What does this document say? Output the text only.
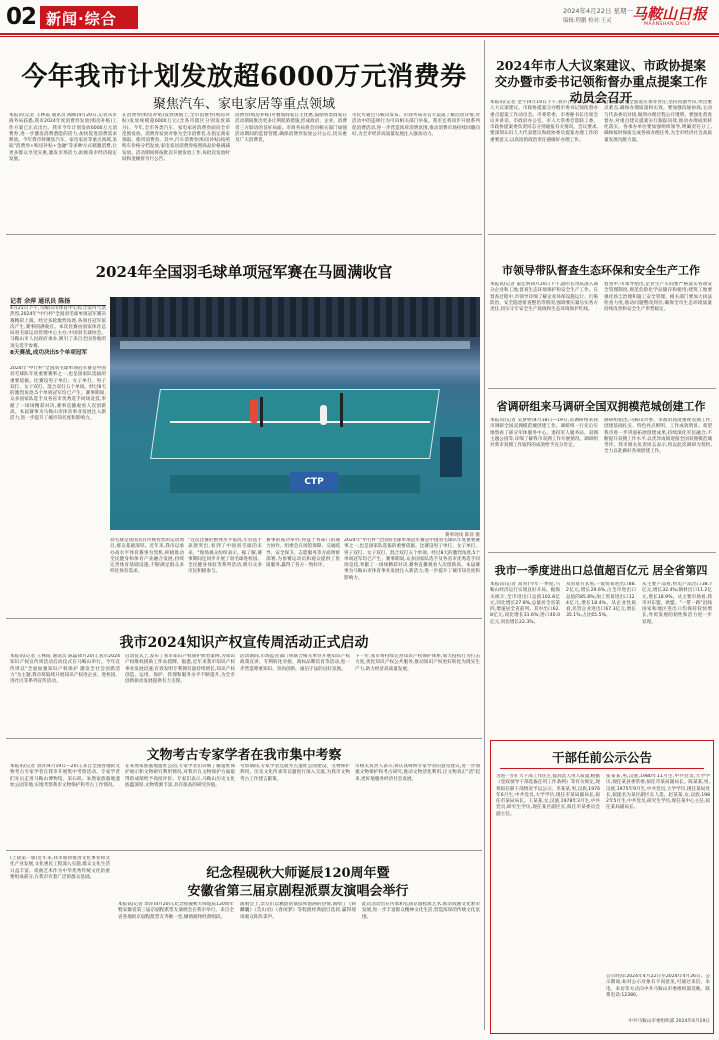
02 新闻·综合	2024年4月22日 星期一
编辑:程鹏 校对:王灵 马鞍山日报
MAANSHAN DAILY
今年我市计划发放超6000万元消费券
聚焦汽车、家电家居等重点领域
本报讯(记者 王林霞 通讯员 陶晖)4月20日,记者从市商务局获悉,我市2024年度消费券发放(购房补贴)工作方案已正式出台。我市今年计划发放6000万元消费券,进一步激发消费潜能的活力,加快促进消费需求释放。今年我市将聚焦汽车、家电家居等重点领域,采取"消费券+购房补贴+金融"等多种方式刺激消费,让更多群众享受实惠,激发市场活力,助推我市经济稳定发展。
在消费券(购房补贴)发放规模上,全市消费券(购房补贴)发放规模超6000万元(含各市辖区分别发放部分)。今年,全市各类汽车、家电家居消费券面向全市范围发放。消费券发放对象为全市消费者,在指定商家领取、使用消费券。其中,汽车消费券(购房补贴)按照购车价格分档发放,家电家居消费券按照商品价格满减发放。活动期间将按批次开展发放工作,每批次发放时间和金额将另行公告。
消费券(购房补贴)可叠加商家自主优惠,鼓励各类商家在活动期间推出更多让利促销措施,形成政府、企业、消费者三方联动的良好局面。市商务局将会同相关部门加强活动期间的监督管理,确保消费券发放公开公正,切实惠及广大消费者。
市民可通过马鞍山发布、市商务局等官方渠道了解活动详情,对活动中的违规行为可向相关部门举报。我市还将同步开展系列促消费活动,进一步营造浓厚消费氛围,推动消费市场持续回暖向好,为全市经济高质量发展注入强劲动力。
2024年市人大议案建议、市政协提案交办暨市委书记领衔督办重点提案工作动员会召开
本报讯(记者 金宇)4月19日下午,我市召开2024年市人大议案建议、市政协提案交办暨市委书记领衔督办重点提案工作动员会。市委常委、市委秘书长出席会议并讲话。市政府办公室、市人大常委会选联工委、市政协提案委负责同志分别通报有关情况。会议要求,要深刻认识人大代表建议和政协委员提案办理工作的重要意义,以高度的政治责任感做好办理工作。
会议强调,要全面落实承办责任,坚持问题导向,突出重点难点,确保办理质量和实效。要加强沟通协商,主动与代表委员对接,做到办理过程公开透明。要强化督查督办,对重点建议提案实行跟踪问效,推动办理成果转化落实。各承办单位要加强组织领导,明确责任分工,确保按时保质完成各项办理任务,为全市经济社会高质量发展贡献力量。
2024年全国羽毛球单项冠军赛在马圆满收官
记者 余萍 通讯员 陈扬
4月21日下午,马鞍山市体育中心综合馆内气氛热烈,2024年"中行杯"全国羽毛球单项冠军赛决赛精彩上演。经过多轮激烈角逐,各项目冠军依次产生,赛事圆满收官。本次比赛由国家体育总局羽毛球运动管理中心主办,中国羽毛球协会、马鞍山市人民政府承办,吸引了来自全国各地的顶尖选手参赛。
8天赛战,成功决出5个单项冠军
2024年"中行杯"全国羽毛球单项冠军赛是中国羽毛球队年度重要赛事之一,也是国家队选拔的重要依据。比赛设男子单打、女子单打、男子双打、女子双打、混合双打五个单项。经过8天的激烈角逐,5个单项冠军均已产生。赛事期间,众多国家队选手及各省市优秀选手同场竞技,奉献了一场场精彩对决,赛事直播观看人次创新高。本届赛事为马鞍山市体育事业发展注入新活力,进一步提升了城市知名度和影响力。
CTP
赛事现场 陈扬 摄
羽毛球是我国具有传统优势的运动项目,群众基础深厚。近年来,我市以承办高水平体育赛事为契机,积极推动全民健身和体育产业融合发展,持续完善体育基础设施,不断满足群众多样化体育需求。
"这次比赛的整体水平很高,年轻选手表现突出,看到了中国羽毛球的未来。"现场观众纷纷表示。据了解,赛事期间还同步开展了羽毛球进校园、全民健身体验等系列活动,吸引众多市民积极参与。
赛事的成功举办,得益于各部门的通力协作。组委会在场馆保障、交通疏导、安全保卫、志愿服务等方面周密部署,为参赛运动员和观众提供了优质服务,赢得了各方一致好评。
2024年"中行杯"全国羽毛球单项冠军赛是中国羽毛球队年度重要赛事之一,也是国家队选拔的重要依据。比赛设男子单打、女子单打、男子双打、女子双打、混合双打五个单项。经过8天的激烈角逐,5个单项冠军均已产生。赛事期间,众多国家队选手及各省市优秀选手同场竞技,奉献了一场场精彩对决,赛事直播观看人次创新高。本届赛事为马鞍山市体育事业发展注入新活力,进一步提升了城市知名度和影响力。
市领导带队督查生态环保和安全生产工作
本报讯(记者 董宏妍)4月20日下午,副市长带队深入部分企业和工地,督查生态环境保护和安全生产工作。在督查过程中,市领导详细了解企业环保设施运行、污染防治、安全隐患排查整治等情况,强调要压紧压实各方责任,切实守牢安全生产底线和生态环境保护红线。
督查中,市领导指出,企业生产车间要严格落实各项安全管理制度,规范危险化学品储存和使用;建筑工地要强化扬尘治理和施工安全管理。相关部门要加大执法检查力度,推动问题整改到位,确保全市生态环境质量持续改善和安全生产形势稳定。
省调研组来马调研全国双拥模范城创建工作
本报讯(记者 吴梦婷)4月18日—19日,省调研组来我市调研全国双拥模范城创建工作。调研组一行先后实地察看了部分军休服务中心、退役军人服务站、双拥主题公园等,详细了解我市双拥工作开展情况。调研组对我市双拥工作取得的成效给予充分肯定。
调研组指出,马鞍山市委、市政府高度重视双拥工作,创建基础扎实、特色亮点鲜明、工作成效明显。希望我市进一步巩固拓展创建成果,持续深化军民融合,不断提升双拥工作水平,以优异成绩迎接全国双拥模范城考评。我市相关负责同志表示,将以此次调研为契机,全力以赴做好各项创建工作。
我市一季度进出口总值超百亿元 居全省第四
本报讯(记者 高青)今年一季度,马鞍山经济运行实现良好开局。据海关统计,全市进出口总值102.8亿元,同比增长27.8%,总量居全省第四,增速居全省前列。其中出口62.8亿元,同比增长31.6%;进口40.0亿元,同比增长22.3%。
从贸易方式看,一般贸易进出口88.2亿元,增长29.6%,占全市进出口总值的85.8%;加工贸易进出口12.4亿元,增长18.4%。从企业性质看,民营企业进出口67.3亿元,增长35.1%,占比65.5%。
从主要产品看,机电产品出口38.7亿元,增长32.4%;钢材出口11.2亿元,增长18.9%。从主要市场看,我市对东盟、欧盟、"一带一路"沿线国家和地区进出口均保持较快增长,外贸发展的韧性和活力进一步显现。
我市2024知识产权宣传周活动正式启动
本报讯(记者 王林霞 通讯员 陈磊)4月20日,我市2024知识产权宣传周活动启动仪式在马鞍山举行。今年宣传周以"全面加强知识产权保护 激发全社会创新活力"为主题,我市将陆续开展知识产权进企业、进校园、进社区等系列宣传活动。
启动仪式上,发布了我市知识产权保护典型案例,为知识产权维权援助工作站授牌。据悉,近年来我市知识产权事业发展迅速,有效发明专利拥有量持续增长,知识产权创造、运用、保护、管理和服务水平不断提升,为全市创新驱动发展提供有力支撑。
活动期间,市场监管部门将联合相关单位开展知识产权政策宣讲、专利转化对接、商标品牌培育等活动,进一步营造尊重知识、崇尚创新、诚信守法的良好氛围。
下一步,我市将持续完善知识产权保护体系,加大侵权行为打击力度,优化知识产权公共服务,推动知识产权更好转化为现实生产力,助力经济高质量发展。
文物考古专家学者在我市集中考察
本报讯(记者 余萍)4月19日—20日,来自全国各地的文物考古专家学者在我市开展集中考察活动。专家学者们先后走进马鞍山博物馆、采石矶、朱然家族墓地遗址公园等地,实地考察我市文物保护和考古工作情况。
在朱然家族墓地遗址公园,专家学者们详细了解遗址保护展示和文物研究利用情况,对我市在文物保护方面取得的成绩给予高度评价。专家们表示,马鞍山历史文化底蕴深厚,文物资源丰富,具有很高的研究价值。
考察期间,专家学者还就考古遗址公园建设、文物保护利用、历史文化传承等议题进行深入交流,为我市文物考古工作建言献策。
市相关负责人表示,将认真吸纳专家学者的意见建议,进一步加强文物保护和考古研究,推动文物活化利用,让文物真正"活"起来,更好地服务经济社会发展。
(上接第一版)近年来,我市加快推进文化事业和文化产业发展,文化惠民工程深入实施,群众文化生活日益丰富。戏曲艺术作为中华优秀传统文化的重要组成部分,在我市有着广泛的群众基础。	纪念程砚秋大师诞辰120周年暨
安徽省第三届京剧程派票友演唱会举行
本报讯(记者 余萍)4月20日,纪念程砚秋大师诞辰120周年暨安徽省第三届京剧程派票友演唱会在我市举行。来自全省各地的京剧程派票友齐聚一堂,倾情演绎经典唱段。
演唱会上,票友们以精湛的演技和饱满的热情,演唱了《锁麟囊》《荒山泪》《春闺梦》等程派经典剧目选段,赢得现场观众阵阵掌声。
此次活动旨在传承和弘扬京剧程派艺术,推动戏曲文化繁荣发展,进一步丰富群众精神文化生活,营造浓厚的传统文化氛围。
干部任前公示公告
为进一步扩大干部工作民主,提高选人用人质量,根据《党政领导干部选拔任用工作条例》等有关规定,现将拟任职干部情况予以公示。李某某,男,汉族,1976年6月生,中共党员,大学学历,现任市某局副局长,拟任市某局局长。王某某,女,汉族,1978年3月生,中共党员,研究生学历,现任某区副区长,拟任市某委员会副主任。
张某某,男,汉族,1980年11月生,中共党员,大学学历,现任某县委常委,拟任市某局副局长。陈某某,男,汉族,1975年9月生,中共党员,大学学历,现任某局处长,拟提名为某区副区长人选。赵某某,女,汉族,1982年5月生,中共党员,研究生学历,现任某中心主任,拟任某局副局长。
公示时间:2024年4月22日至2024年4月26日。公示期间,如对公示对象有不同意见,可通过来信、来电、来访等方式向中共马鞍山市委组织部反映。联系电话:12380。
中共马鞍山市委组织部 2024年4月19日
